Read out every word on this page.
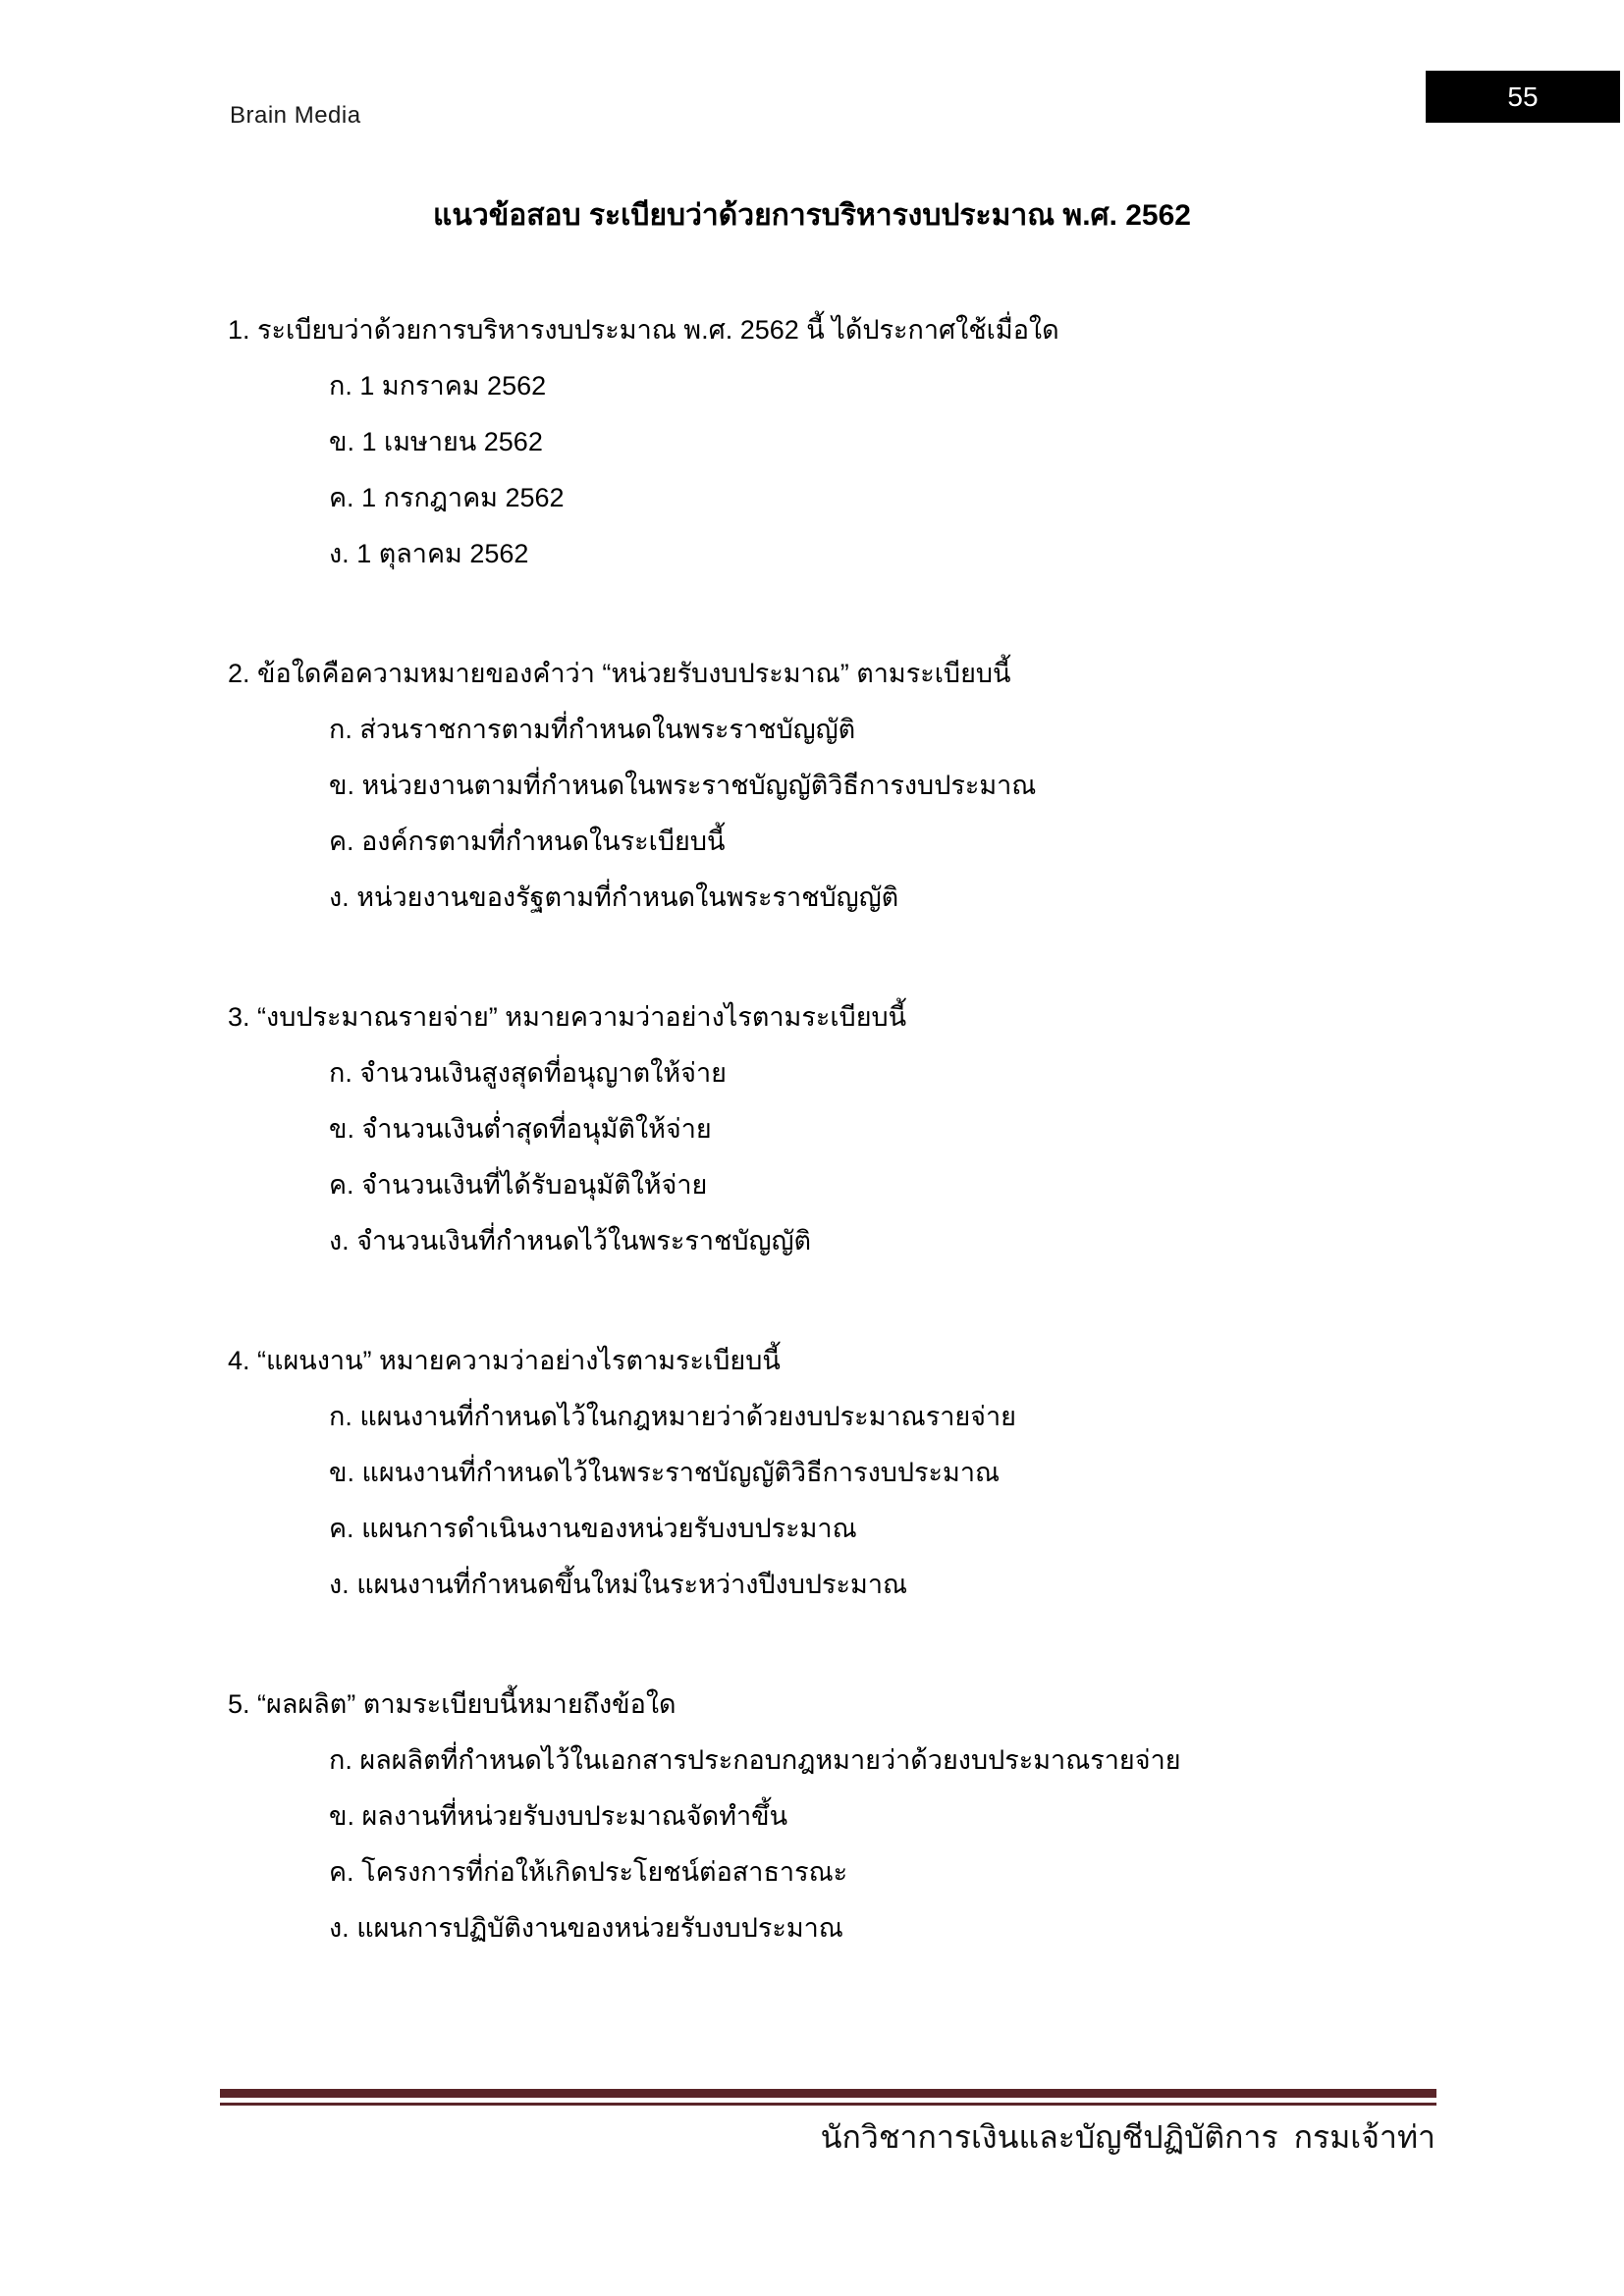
Brain Media
55
แนวข้อสอบ ระเบียบว่าด้วยการบริหารงบประมาณ พ.ศ. 2562
1. ระเบียบว่าด้วยการบริหารงบประมาณ พ.ศ. 2562 นี้ ได้ประกาศใช้เมื่อใด
ก. 1 มกราคม 2562
ข. 1 เมษายน 2562
ค. 1 กรกฎาคม 2562
ง. 1 ตุลาคม 2562
2. ข้อใดคือความหมายของคำว่า “หน่วยรับงบประมาณ” ตามระเบียบนี้
ก. ส่วนราชการตามที่กำหนดในพระราชบัญญัติ
ข. หน่วยงานตามที่กำหนดในพระราชบัญญัติวิธีการงบประมาณ
ค. องค์กรตามที่กำหนดในระเบียบนี้
ง. หน่วยงานของรัฐตามที่กำหนดในพระราชบัญญัติ
3. “งบประมาณรายจ่าย” หมายความว่าอย่างไรตามระเบียบนี้
ก. จำนวนเงินสูงสุดที่อนุญาตให้จ่าย
ข. จำนวนเงินต่ำสุดที่อนุมัติให้จ่าย
ค. จำนวนเงินที่ได้รับอนุมัติให้จ่าย
ง. จำนวนเงินที่กำหนดไว้ในพระราชบัญญัติ
4. “แผนงาน” หมายความว่าอย่างไรตามระเบียบนี้
ก. แผนงานที่กำหนดไว้ในกฎหมายว่าด้วยงบประมาณรายจ่าย
ข. แผนงานที่กำหนดไว้ในพระราชบัญญัติวิธีการงบประมาณ
ค. แผนการดำเนินงานของหน่วยรับงบประมาณ
ง. แผนงานที่กำหนดขึ้นใหม่ในระหว่างปีงบประมาณ
5. “ผลผลิต” ตามระเบียบนี้หมายถึงข้อใด
ก. ผลผลิตที่กำหนดไว้ในเอกสารประกอบกฎหมายว่าด้วยงบประมาณรายจ่าย
ข. ผลงานที่หน่วยรับงบประมาณจัดทำขึ้น
ค. โครงการที่ก่อให้เกิดประโยชน์ต่อสาธารณะ
ง. แผนการปฏิบัติงานของหน่วยรับงบประมาณ
นักวิชาการเงินและบัญชีปฏิบัติการ  กรมเจ้าท่า
